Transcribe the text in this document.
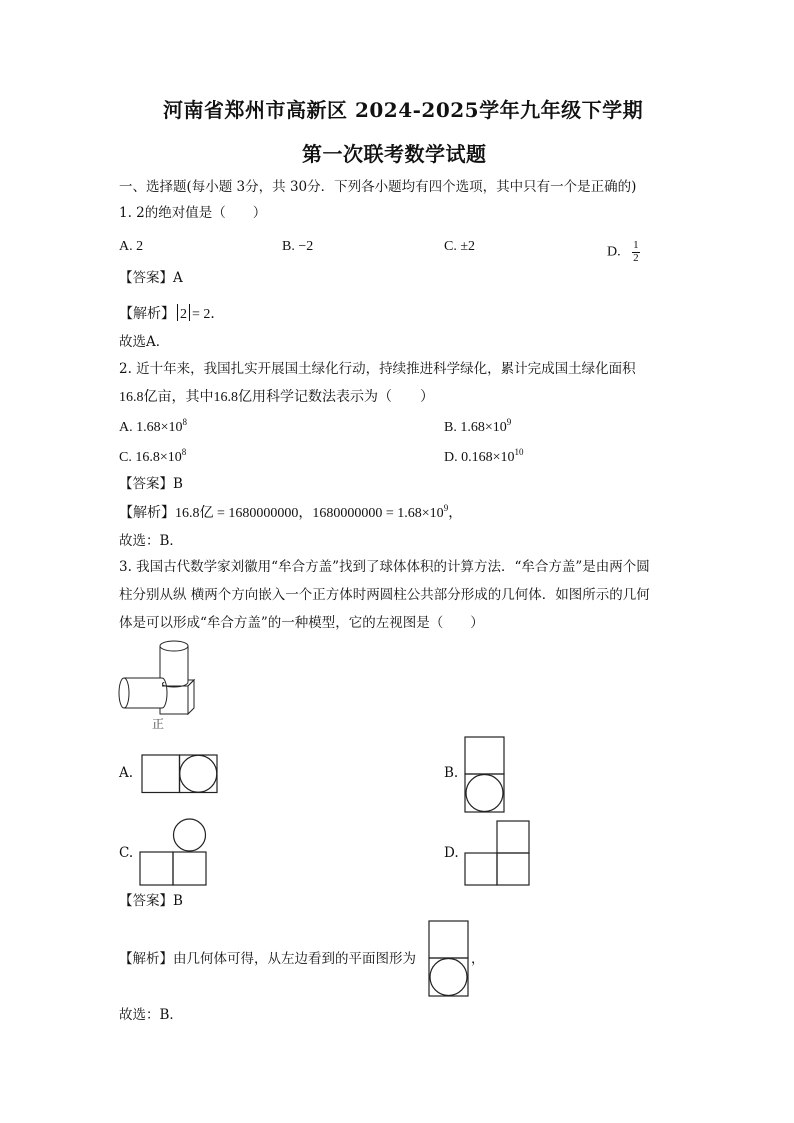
河南省郑州市高新区 2024-2025学年九年级下学期
第一次联考数学试题
一、选择题(每小题 3分，共 30分．下列各小题均有四个选项，其中只有一个是正确的)
1. 2的绝对值是（　　）
A. 2	B. −2	C. ±2	D. $\frac{1}{2}$
【答案】A
【解析】 2 = 2．
故选A．
2. 近十年来，我国扎实开展国土绿化行动，持续推进科学绿化，累计完成国土绿化面积
16.8亿亩，其中16.8亿用科学记数法表示为（　　）
A. $1.68\times 10^8$	B. $1.68\times 10^9$
C. $16.8\times 10^8$	D. $0.168\times 10^{10}$
【答案】B
【解析】16.8亿 = 1680000000，$1680000000 = 1.68\times 10^9$，
故选：B．
3. 我国古代数学家刘徽用“牟合方盖”找到了球体体积的计算方法．“牟合方盖”是由两个圆
柱分别从纵 横两个方向嵌入一个正方体时两圆柱公共部分形成的几何体．如图所示的几何
体是可以形成“牟合方盖”的一种模型，它的左视图是（　　）
正
A.	B.
C.	D.
【答案】B
【解析】由几何体可得，从左边看到的平面图形为	，
故选：B．
